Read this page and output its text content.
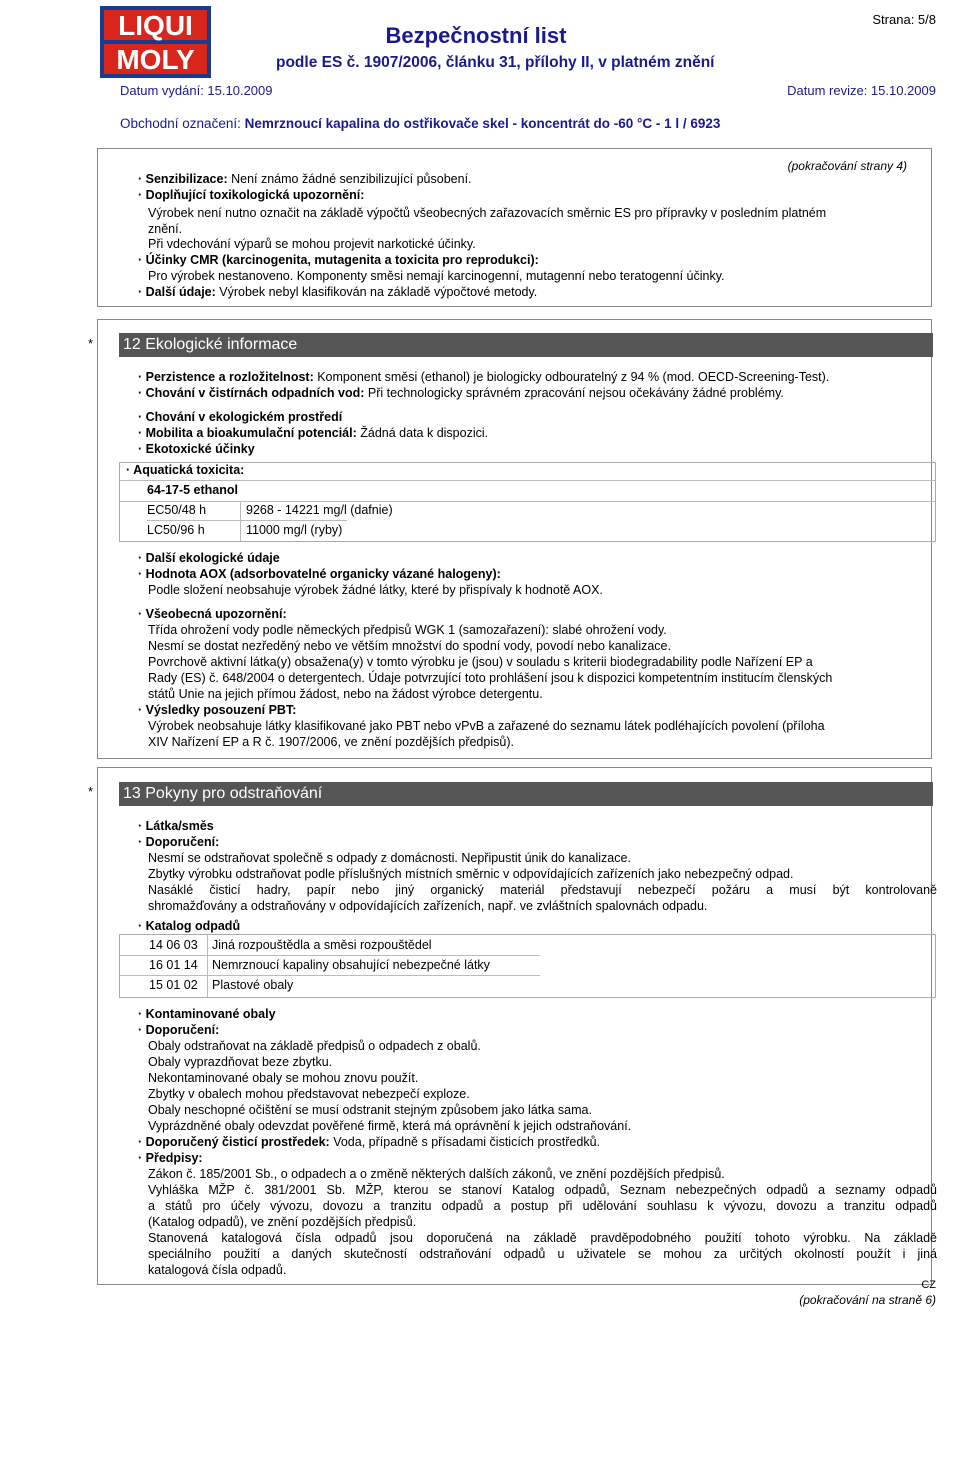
LIQUI
MOLY
Strana: 5/8
Bezpečnostní list
podle ES č. 1907/2006, článku 31, přílohy II, v platném znění
Datum vydání: 15.10.2009	Datum revize: 15.10.2009
Obchodní označení: Nemrznoucí kapalina do ostřikovače skel - koncentrát do -60 °C - 1 l / 6923
(pokračování strany 4)
· Senzibilizace: Není známo žádné senzibilizující působení.
· Doplňující toxikologická upozornění:
Výrobek není nutno označit na základě výpočtů všeobecných zařazovacích směrnic ES pro přípravky v posledním platném
znění.
Při vdechování výparů se mohou projevit narkotické účinky.
· Účinky CMR (karcinogenita, mutagenita a toxicita pro reprodukci):
Pro výrobek nestanoveno. Komponenty směsi nemají karcinogenní, mutagenní nebo teratogenní účinky.
· Další údaje: Výrobek nebyl klasifikován na základě výpočtové metody.
* 12 Ekologické informace
· Perzistence a rozložitelnost: Komponent směsi (ethanol) je biologicky odbouratelný z 94 % (mod. OECD-Screening-Test).
· Chování v čistírnách odpadních vod: Při technologicky správném zpracování nejsou očekávány žádné problémy.
· Chování v ekologickém prostředí
· Mobilita a bioakumulační potenciál: Žádná data k dispozici.
· Ekotoxické účinky
· Aquatická toxicita:
64-17-5 ethanol
EC50/48 h	9268 - 14221 mg/l (dafnie)
LC50/96 h	11000 mg/l (ryby)
· Další ekologické údaje
· Hodnota AOX (adsorbovatelné organicky vázané halogeny):
Podle složení neobsahuje výrobek žádné látky, které by přispívaly k hodnotě AOX.
· Všeobecná upozornění:
Třída ohrožení vody podle německých předpisů WGK 1 (samozařazení): slabé ohrožení vody.
Nesmí se dostat nezředěný nebo ve větším množství do spodní vody, povodí nebo kanalizace.
Povrchově aktivní látka(y) obsažena(y) v tomto výrobku je (jsou) v souladu s kriterii biodegradability podle Nařízení EP a
Rady (ES) č. 648/2004 o detergentech. Údaje potvrzující toto prohlášení jsou k dispozici kompetentním institucím členských
států Unie na jejich přímou žádost, nebo na žádost výrobce detergentu.
· Výsledky posouzení PBT:
Výrobek neobsahuje látky klasifikované jako PBT nebo vPvB a zařazené do seznamu látek podléhajících povolení (příloha
XIV Nařízení EP a R č. 1907/2006, ve znění pozdějších předpisů).
* 13 Pokyny pro odstraňování
· Látka/směs
· Doporučení:
Nesmí se odstraňovat společně s odpady z domácnosti. Nepřipustit únik do kanalizace.
Zbytky výrobku odstraňovat podle příslušných místních směrnic v odpovídajících zařízeních jako nebezpečný odpad.
Nasáklé čisticí hadry, papír nebo jiný organický materiál představují nebezpečí požáru a musí být kontrolovaně
shromažďovány a odstraňovány v odpovídajících zařízeních, např. ve zvláštních spalovnách odpadu.
· Katalog odpadů
14 06 03 Jiná rozpouštědla a směsi rozpouštědel
16 01 14 Nemrznoucí kapaliny obsahující nebezpečné látky
15 01 02 Plastové obaly
· Kontaminované obaly
· Doporučení:
Obaly odstraňovat na základě předpisů o odpadech z obalů.
Obaly vyprazdňovat beze zbytku.
Nekontaminované obaly se mohou znovu použít.
Zbytky v obalech mohou představovat nebezpečí exploze.
Obaly neschopné očištění se musí odstranit stejným způsobem jako látka sama.
Vyprázdněné obaly odevzdat pověřené firmě, která má oprávnění k jejich odstraňování.
· Doporučený čisticí prostředek: Voda, případně s přísadami čisticích prostředků.
· Předpisy:
Zákon č. 185/2001 Sb., o odpadech a o změně některých dalších zákonů, ve znění pozdějších předpisů.
Vyhláška MŽP č. 381/2001 Sb. MŽP, kterou se stanoví Katalog odpadů, Seznam nebezpečných odpadů a seznamy odpadů
a států pro účely vývozu, dovozu a tranzitu odpadů a postup při udělování souhlasu k vývozu, dovozu a tranzitu odpadů
(Katalog odpadů), ve znění pozdějších předpisů.
Stanovená katalogová čísla odpadů jsou doporučená na základě pravděpodobného použití tohoto výrobku. Na základě
speciálního použití a daných skutečností odstraňování odpadů u uživatele se mohou za určitých okolností použít i jiná
katalogová čísla odpadů.
CZ
(pokračování na straně 6)
